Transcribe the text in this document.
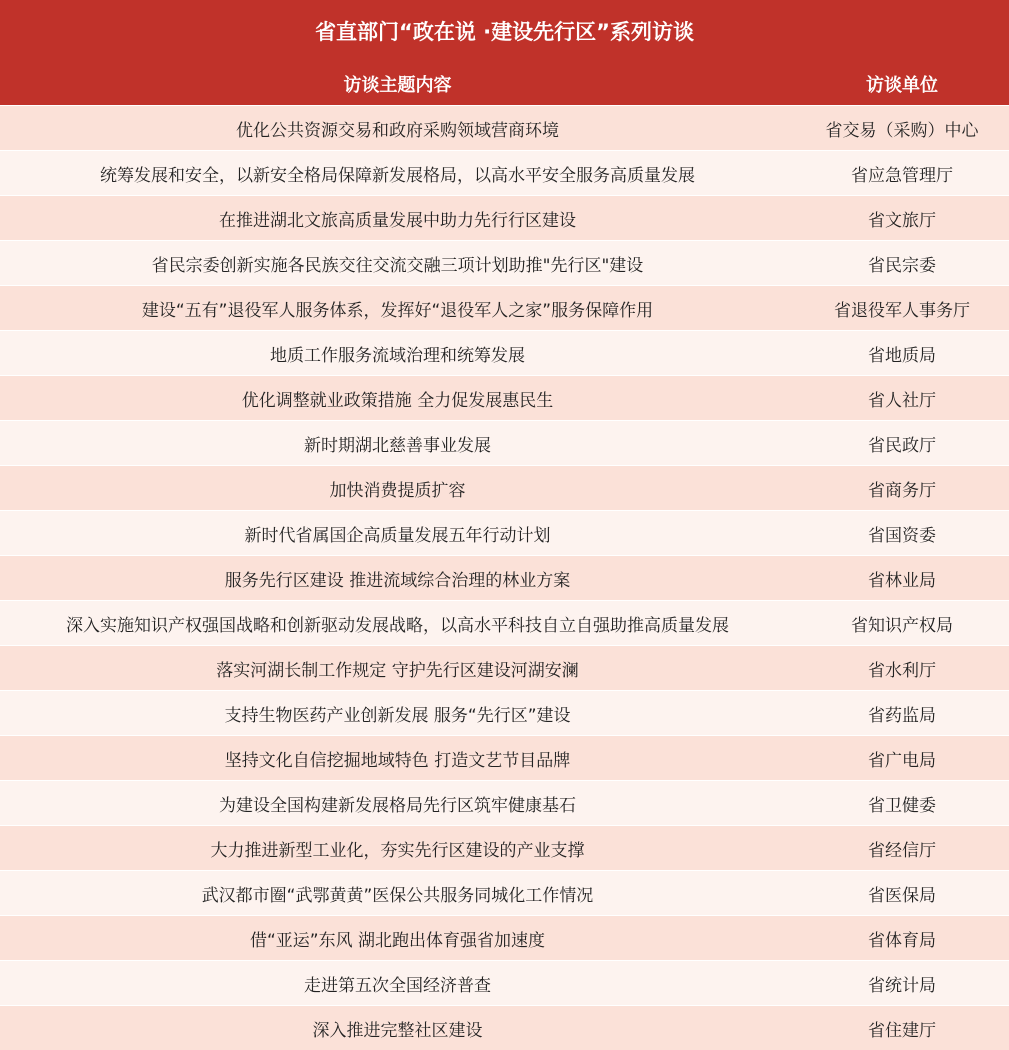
省直部门“政在说 ·建设先行区”系列访谈	
访谈主题内容	访谈单位
优化公共资源交易和政府采购领域营商环境	省交易（采购）中心
统筹发展和安全，以新安全格局保障新发展格局，以高水平安全服务高质量发展	省应急管理厅
在推进湖北文旅高质量发展中助力先行行区建设	省文旅厅
省民宗委创新实施各民族交往交流交融三项计划助推"先行区"建设	省民宗委
建设“五有”退役军人服务体系，发挥好“退役军人之家”服务保障作用	省退役军人事务厅
地质工作服务流域治理和统筹发展	省地质局
优化调整就业政策措施 全力促发展惠民生	省人社厅
新时期湖北慈善事业发展	省民政厅
加快消费提质扩容	省商务厅
新时代省属国企高质量发展五年行动计划	省国资委
服务先行区建设 推进流域综合治理的林业方案	省林业局
深入实施知识产权强国战略和创新驱动发展战略，以高水平科技自立自强助推高质量发展	省知识产权局
落实河湖长制工作规定 守护先行区建设河湖安澜	省水利厅
支持生物医药产业创新发展 服务“先行区”建设	省药监局
坚持文化自信挖掘地域特色 打造文艺节目品牌	省广电局
为建设全国构建新发展格局先行区筑牢健康基石	省卫健委
大力推进新型工业化，夯实先行区建设的产业支撑	省经信厅
武汉都市圈“武鄂黄黄”医保公共服务同城化工作情况	省医保局
借“亚运”东风 湖北跑出体育强省加速度	省体育局
走进第五次全国经济普查	省统计局
深入推进完整社区建设	省住建厅
